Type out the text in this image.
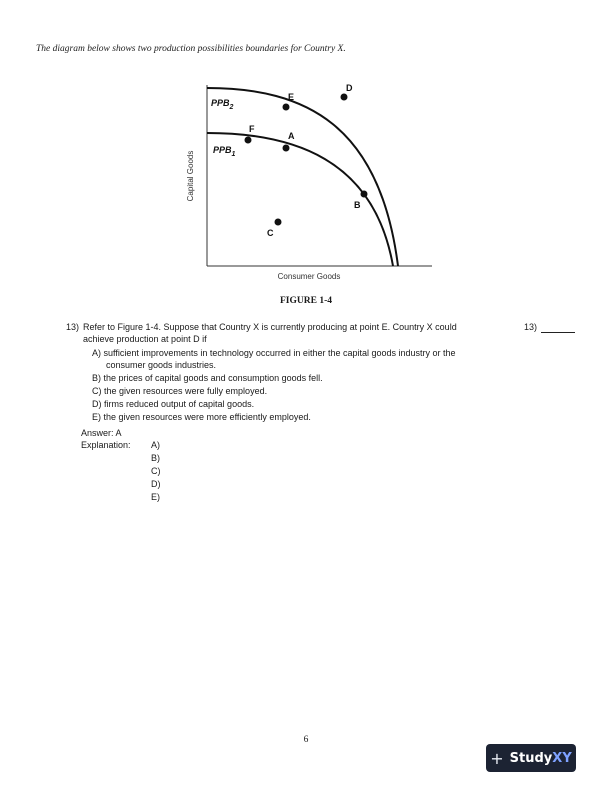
The diagram below shows two production possibilities boundaries for Country X.
Capital Goods
Consumer Goods
$PPB_2$
$PPB_1$
A
B
C
D
E
F
FIGURE 1-4
13) Refer to Figure 1-4. Suppose that Country X is currently producing at point E. Country X could
achieve production at point D if
13)
A) sufficient improvements in technology occurred in either the capital goods industry or the
consumer goods industries.
B) the prices of capital goods and consumption goods fell.
C) the given resources were fully employed.
D) firms reduced output of capital goods.
E) the given resources were more efficiently employed.
Answer: A
Explanation: A)
B)
C)
D)
E)
6
+ StudyXY
